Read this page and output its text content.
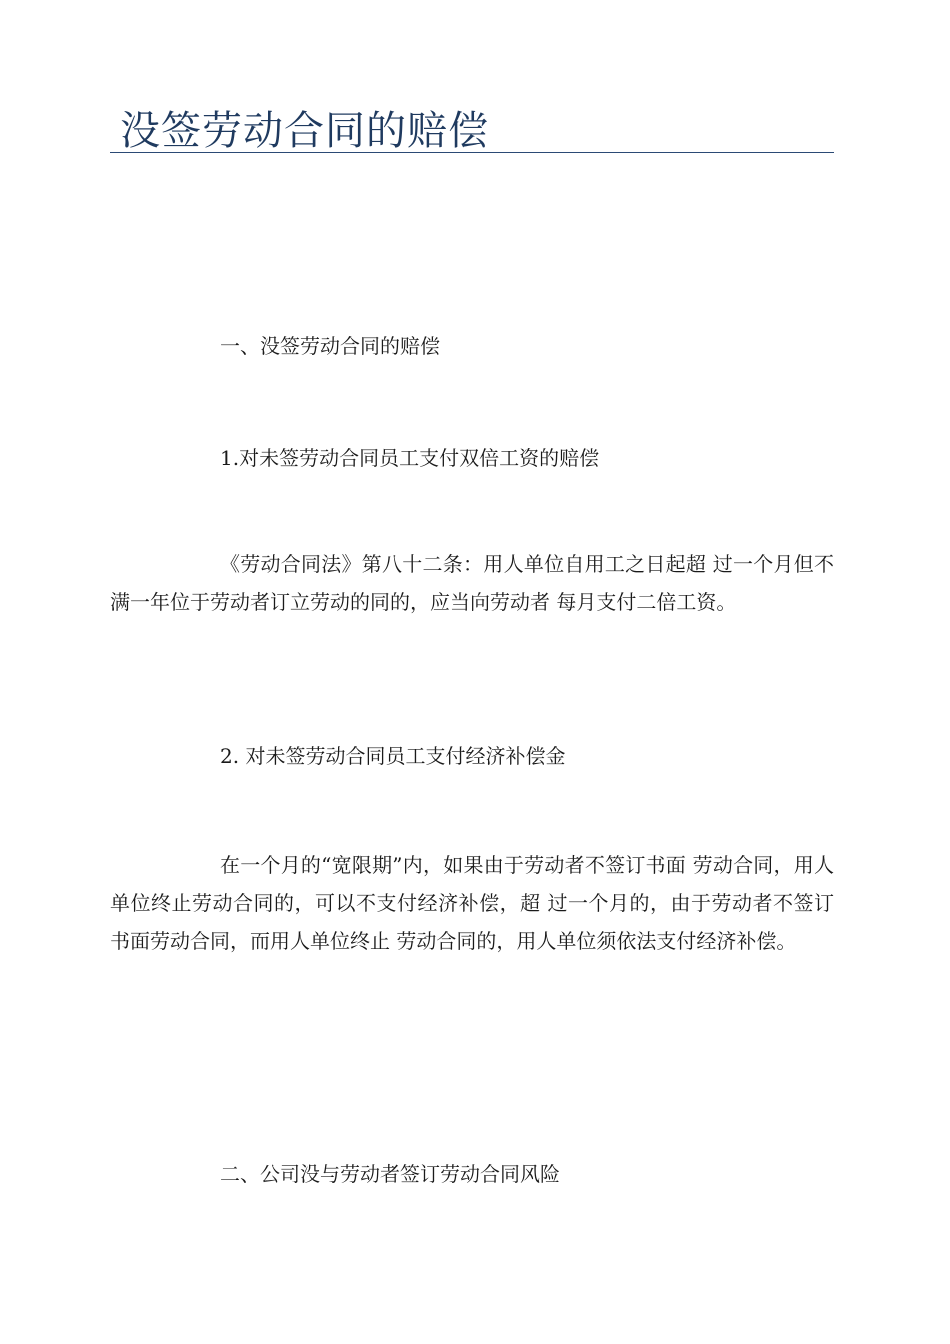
没签劳动合同的赔偿

一、没签劳动合同的赔偿

1.对未签劳动合同员工支付双倍工资的赔偿

《劳动合同法》第八十二条：用人单位自用工之日起超 过一个月但不满一年位于劳动者订立劳动的同的，应当向劳动者 每月支付二倍工资。

2. 对未签劳动合同员工支付经济补偿金

在一个月的“宽限期”内，如果由于劳动者不签订书面 劳动合同，用人单位终止劳动合同的，可以不支付经济补偿，超 过一个月的，由于劳动者不签订书面劳动合同，而用人单位终止 劳动合同的，用人单位须依法支付经济补偿。

二、公司没与劳动者签订劳动合同风险
